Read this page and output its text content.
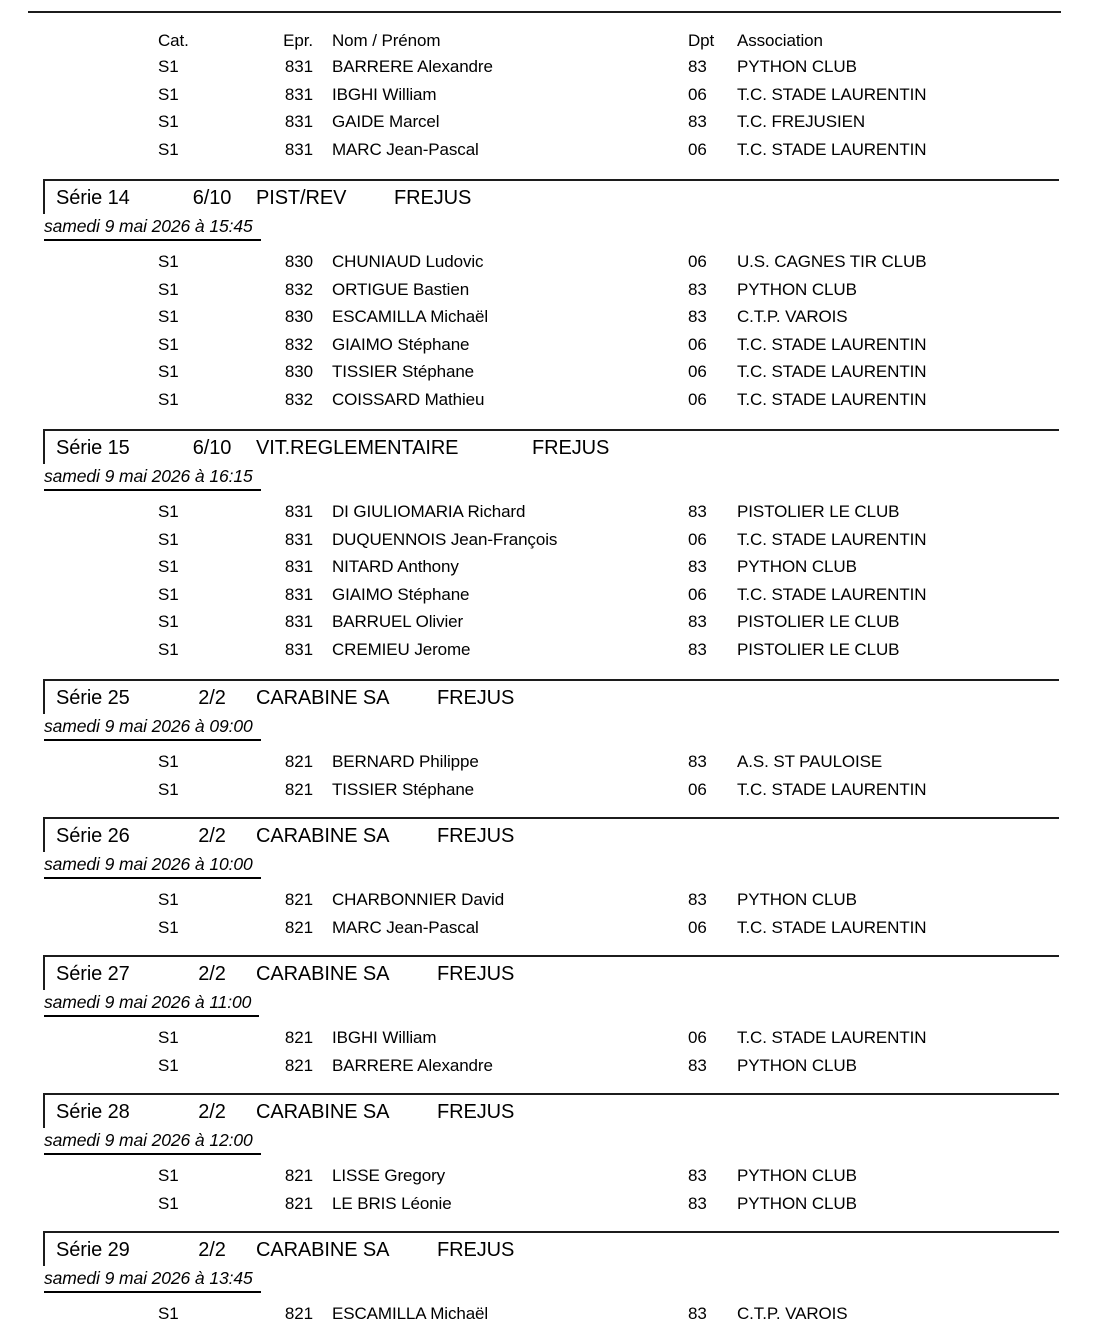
Cat.	Epr. Nom / Prénom	Dpt Association
S1	831 BARRERE Alexandre	83 PYTHON CLUB
S1	831 IBGHI William	06 T.C. STADE LAURENTIN
S1	831 GAIDE Marcel	83 T.C. FREJUSIEN
S1	831 MARC Jean-Pascal	06 T.C. STADE LAURENTIN
Série 14	6/10	PIST/REV FREJUS
samedi 9 mai 2026 à 15:45
S1	830 CHUNIAUD Ludovic	06 U.S. CAGNES TIR CLUB
S1	832 ORTIGUE Bastien	83 PYTHON CLUB
S1	830 ESCAMILLA Michaël	83 C.T.P. VAROIS
S1	832 GIAIMO Stéphane	06 T.C. STADE LAURENTIN
S1	830 TISSIER Stéphane	06 T.C. STADE LAURENTIN
S1	832 COISSARD Mathieu	06 T.C. STADE LAURENTIN
Série 15	6/10	VIT.REGLEMENTAIRE	FREJUS
samedi 9 mai 2026 à 16:15
S1	831 DI GIULIOMARIA Richard	83 PISTOLIER LE CLUB
S1	831 DUQUENNOIS Jean-François	06 T.C. STADE LAURENTIN
S1	831 NITARD Anthony	83 PYTHON CLUB
S1	831 GIAIMO Stéphane	06 T.C. STADE LAURENTIN
S1	831 BARRUEL Olivier	83 PISTOLIER LE CLUB
S1	831 CREMIEU Jerome	83 PISTOLIER LE CLUB
Série 25	2/2	CARABINE SA FREJUS
samedi 9 mai 2026 à 09:00
S1	821 BERNARD Philippe	83 A.S. ST PAULOISE
S1	821 TISSIER Stéphane	06 T.C. STADE LAURENTIN
Série 26	2/2	CARABINE SA FREJUS
samedi 9 mai 2026 à 10:00
S1	821 CHARBONNIER David	83 PYTHON CLUB
S1	821 MARC Jean-Pascal	06 T.C. STADE LAURENTIN
Série 27	2/2	CARABINE SA FREJUS
samedi 9 mai 2026 à 11:00
S1	821 IBGHI William	06 T.C. STADE LAURENTIN
S1	821 BARRERE Alexandre	83 PYTHON CLUB
Série 28	2/2	CARABINE SA FREJUS
samedi 9 mai 2026 à 12:00
S1	821 LISSE Gregory	83 PYTHON CLUB
S1	821 LE BRIS Léonie	83 PYTHON CLUB
Série 29	2/2	CARABINE SA FREJUS
samedi 9 mai 2026 à 13:45
S1	821 ESCAMILLA Michaël	83 C.T.P. VAROIS
